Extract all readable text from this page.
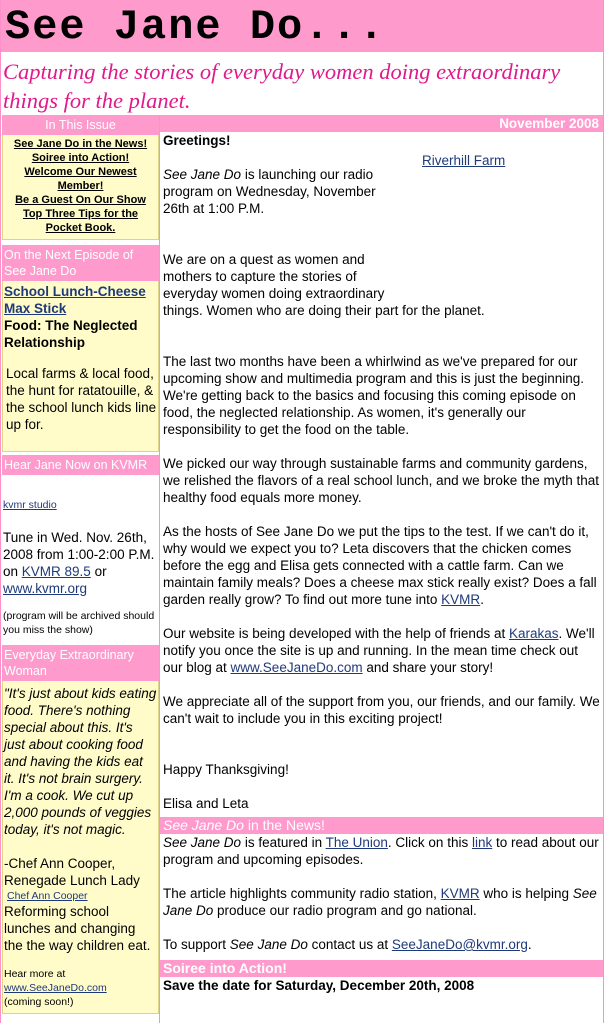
See Jane Do...

Capturing the stories of everyday women doing extraordinary things for the planet.

In This Issue
See Jane Do in the News!
Soiree into Action!
Welcome Our Newest Member!
Be a Guest On Our Show
Top Three Tips for the Pocket Book.
On the Next Episode of See Jane Do
School Lunch-Cheese Max Stick
Food: The Neglected Relationship
Local farms & local food, the hunt for ratatouille, & the school lunch kids line up for.
Hear Jane Now on KVMR
kvmr studio
Tune in Wed. Nov. 26th, 2008 from 1:00-2:00 P.M. on KVMR 89.5 or www.kvmr.org
(program will be archived should you miss the show)
Everyday Extraordinary Woman
"It's just about kids eating food. There's nothing special about this. It's just about cooking food and having the kids eat it. It's not brain surgery. I'm a cook. We cut up 2,000 pounds of veggies today, it's not magic.
-Chef Ann Cooper, Renegade Lunch Lady
Chef Ann Cooper
Reforming school lunches and changing the the way children eat.
Hear more at
www.SeeJaneDo.com
(coming soon!)
November 2008
Riverhill Farm

Greetings!

See Jane Do is launching our radio program on Wednesday, November 26th at 1:00 P.M.

We are on a quest as women and mothers to capture the stories of everyday women doing extraordinary

things. Women who are doing their part for the planet.

The last two months have been a whirlwind as we've prepared for our upcoming show and multimedia program and this is just the beginning. We're getting back to the basics and focusing this coming episode on food, the neglected relationship. As women, it's generally our responsibility to get the food on the table.

We picked our way through sustainable farms and community gardens, we relished the flavors of a real school lunch, and we broke the myth that healthy food equals more money.

As the hosts of See Jane Do we put the tips to the test. If we can't do it, why would we expect you to? Leta discovers that the chicken comes before the egg and Elisa gets connected with a cattle farm. Can we maintain family meals? Does a cheese max stick really exist? Does a fall garden really grow? To find out more tune into KVMR.

Our website is being developed with the help of friends at Karakas. We'll notify you once the site is up and running. In the mean time check out our blog at www.SeeJaneDo.com and share your story!

We appreciate all of the support from you, our friends, and our family. We can't wait to include you in this exciting project!

Happy Thanksgiving!

Elisa and Leta

See Jane Do in the News!

See Jane Do is featured in The Union. Click on this link to read about our program and upcoming episodes.

The article highlights community radio station, KVMR who is helping See Jane Do produce our radio program and go national.

To support See Jane Do contact us at SeeJaneDo@kvmr.org.

Soiree into Action!
Save the date for Saturday, December 20th, 2008
